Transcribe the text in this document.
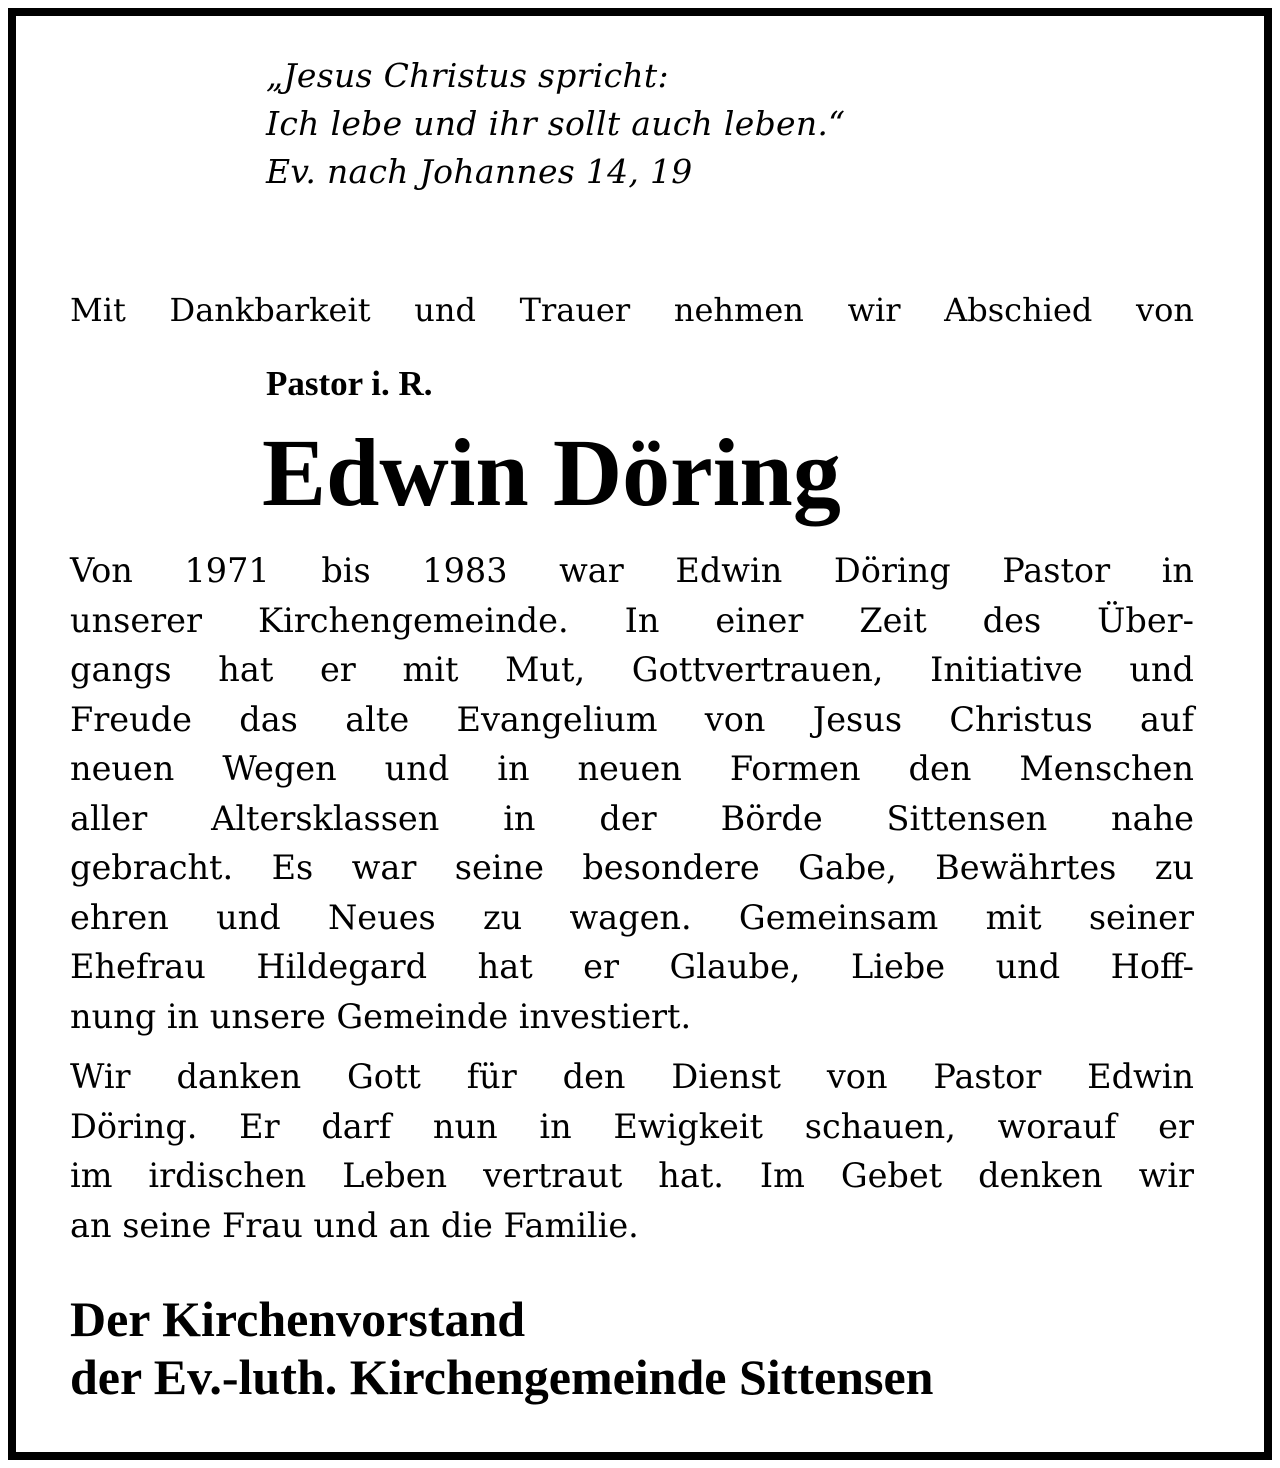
„Jesus Christus spricht:
Ich lebe und ihr sollt auch leben.“
Ev. nach Johannes 14, 19
Mit Dankbarkeit und Trauer nehmen wir Abschied von
Pastor i. R.
Edwin Döring
Von 1971 bis 1983 war Edwin Döring Pastor in
unserer Kirchengemeinde. In einer Zeit des Über-
gangs hat er mit Mut, Gottvertrauen, Initiative und
Freude das alte Evangelium von Jesus Christus auf
neuen Wegen und in neuen Formen den Menschen
aller Altersklassen in der Börde Sittensen nahe
gebracht. Es war seine besondere Gabe, Bewährtes zu
ehren und Neues zu wagen. Gemeinsam mit seiner
Ehefrau Hildegard hat er Glaube, Liebe und Hoff-
nung in unsere Gemeinde investiert.
Wir danken Gott für den Dienst von Pastor Edwin
Döring. Er darf nun in Ewigkeit schauen, worauf er
im irdischen Leben vertraut hat. Im Gebet denken wir
an seine Frau und an die Familie.
Der Kirchenvorstand
der Ev.-luth. Kirchengemeinde Sittensen
